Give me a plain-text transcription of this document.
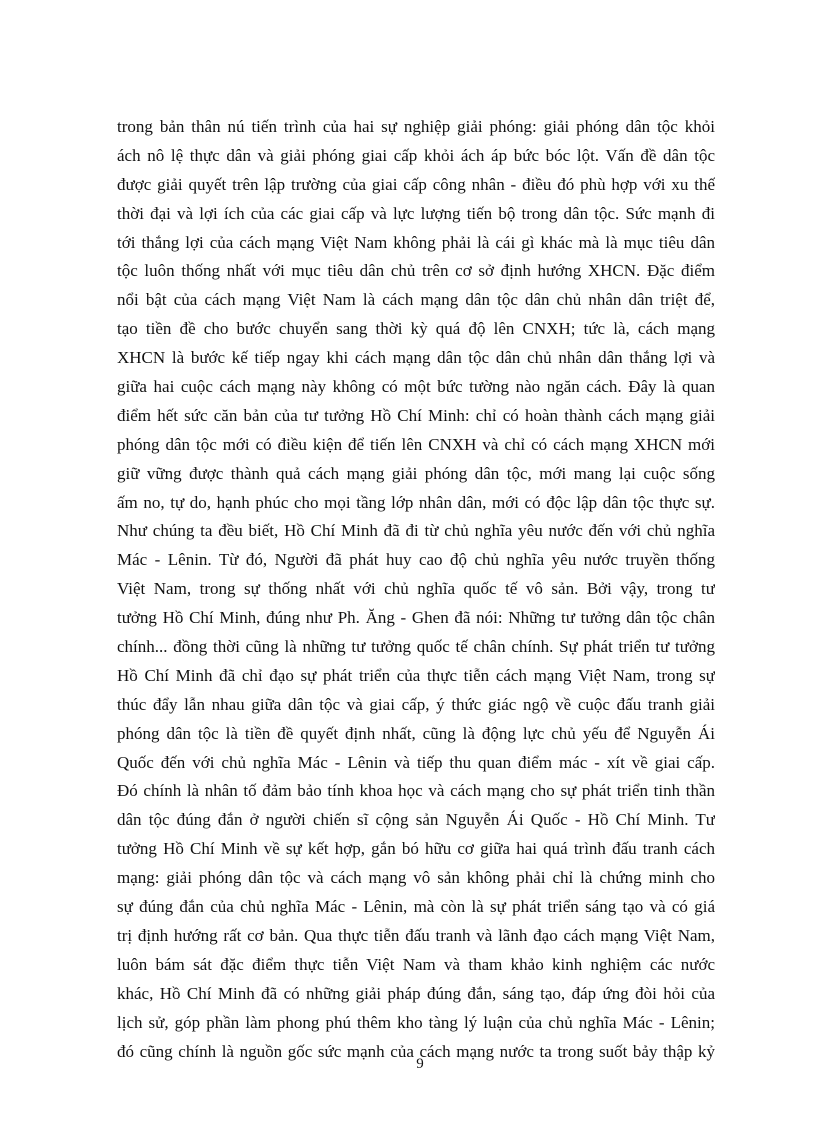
trong bản thân nú tiến trình của hai sự nghiệp giải phóng: giải phóng dân tộc khỏi
ách nô lệ thực dân và giải phóng giai cấp khỏi ách áp bức bóc lột. Vấn đề dân tộc
được giải quyết trên lập trường của giai cấp công nhân - điều đó phù hợp với xu thế
thời đại và lợi ích của các giai cấp và lực lượng tiến bộ trong dân tộc. Sức mạnh đi
tới thắng lợi của cách mạng Việt Nam không phải là cái gì khác mà là mục tiêu dân
tộc luôn thống nhất với mục tiêu dân chủ trên cơ sở định hướng XHCN. Đặc điểm
nổi bật của cách mạng Việt Nam là cách mạng dân tộc dân chủ nhân dân triệt để,
tạo tiền đề cho bước chuyển sang thời kỳ quá độ lên CNXH; tức là, cách mạng
XHCN là bước kế tiếp ngay khi cách mạng dân tộc dân chủ nhân dân thắng lợi và
giữa hai cuộc cách mạng này không có một bức tường nào ngăn cách. Đây là quan
điểm hết sức căn bản của tư tưởng Hồ Chí Minh: chỉ có hoàn thành cách mạng giải
phóng dân tộc mới có điều kiện để tiến lên CNXH và chỉ có cách mạng XHCN mới
giữ vững được thành quả cách mạng giải phóng dân tộc, mới mang lại cuộc sống
ấm no, tự do, hạnh phúc cho mọi tầng lớp nhân dân, mới có độc lập dân tộc thực sự.
Như chúng ta đều biết, Hồ Chí Minh đã đi từ chủ nghĩa yêu nước đến với chủ nghĩa
Mác - Lênin. Từ đó, Người đã phát huy cao độ chủ nghĩa yêu nước truyền thống
Việt Nam, trong sự thống nhất với chủ nghĩa quốc tế vô sản. Bởi vậy, trong tư
tưởng Hồ Chí Minh, đúng như Ph. Ăng - Ghen đã nói: Những tư tưởng dân tộc chân
chính... đồng thời cũng là những tư tưởng quốc tế chân chính. Sự phát triển tư tưởng
Hồ Chí Minh đã chỉ đạo sự phát triển của thực tiễn cách mạng Việt Nam, trong sự
thúc đẩy lẫn nhau giữa dân tộc và giai cấp, ý thức giác ngộ về cuộc đấu tranh giải
phóng dân tộc là tiền đề quyết định nhất, cũng là động lực chủ yếu để Nguyễn Ái
Quốc đến với chủ nghĩa Mác - Lênin và tiếp thu quan điểm mác - xít về giai cấp.
Đó chính là nhân tố đảm bảo tính khoa học và cách mạng cho sự phát triển tinh thần
dân tộc đúng đắn ở người chiến sĩ cộng sản Nguyễn Ái Quốc - Hồ Chí Minh. Tư
tưởng Hồ Chí Minh về sự kết hợp, gắn bó hữu cơ giữa hai quá trình đấu tranh cách
mạng: giải phóng dân tộc và cách mạng vô sản không phải chỉ là chứng minh cho
sự đúng đắn của chủ nghĩa Mác - Lênin, mà còn là sự phát triển sáng tạo và có giá
trị định hướng rất cơ bản. Qua thực tiễn đấu tranh và lãnh đạo cách mạng Việt Nam,
luôn bám sát đặc điểm thực tiễn Việt Nam và tham khảo kinh nghiệm các nước
khác, Hồ Chí Minh đã có những giải pháp đúng đắn, sáng tạo, đáp ứng đòi hỏi của
lịch sử, góp phần làm phong phú thêm kho tàng lý luận của chủ nghĩa Mác - Lênin;
đó cũng chính là nguồn gốc sức mạnh của cách mạng nước ta trong suốt bảy thập kỷ
9
